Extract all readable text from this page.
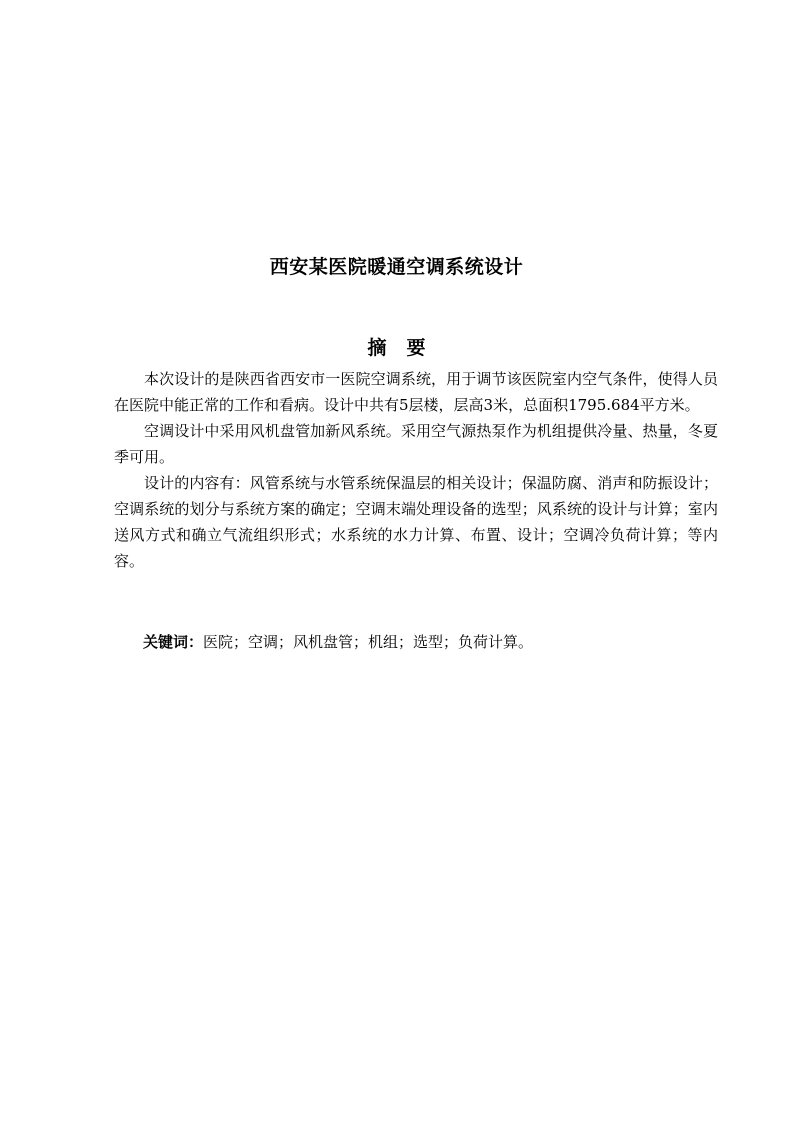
西安某医院暖通空调系统设计
摘要

本次设计的是陕西省西安市一医院空调系统，用于调节该医院室内空气条件，使得人员在医院中能正常的工作和看病。设计中共有5层楼，层高3米，总面积1795.684平方米。

空调设计中采用风机盘管加新风系统。采用空气源热泵作为机组提供冷量、热量，冬夏季可用。

设计的内容有：风管系统与水管系统保温层的相关设计；保温防腐、消声和防振设计；空调系统的划分与系统方案的确定；空调末端处理设备的选型；风系统的设计与计算；室内送风方式和确立气流组织形式；水系统的水力计算、布置、设计；空调冷负荷计算；等内容。

关键词：医院；空调；风机盘管；机组；选型；负荷计算。
